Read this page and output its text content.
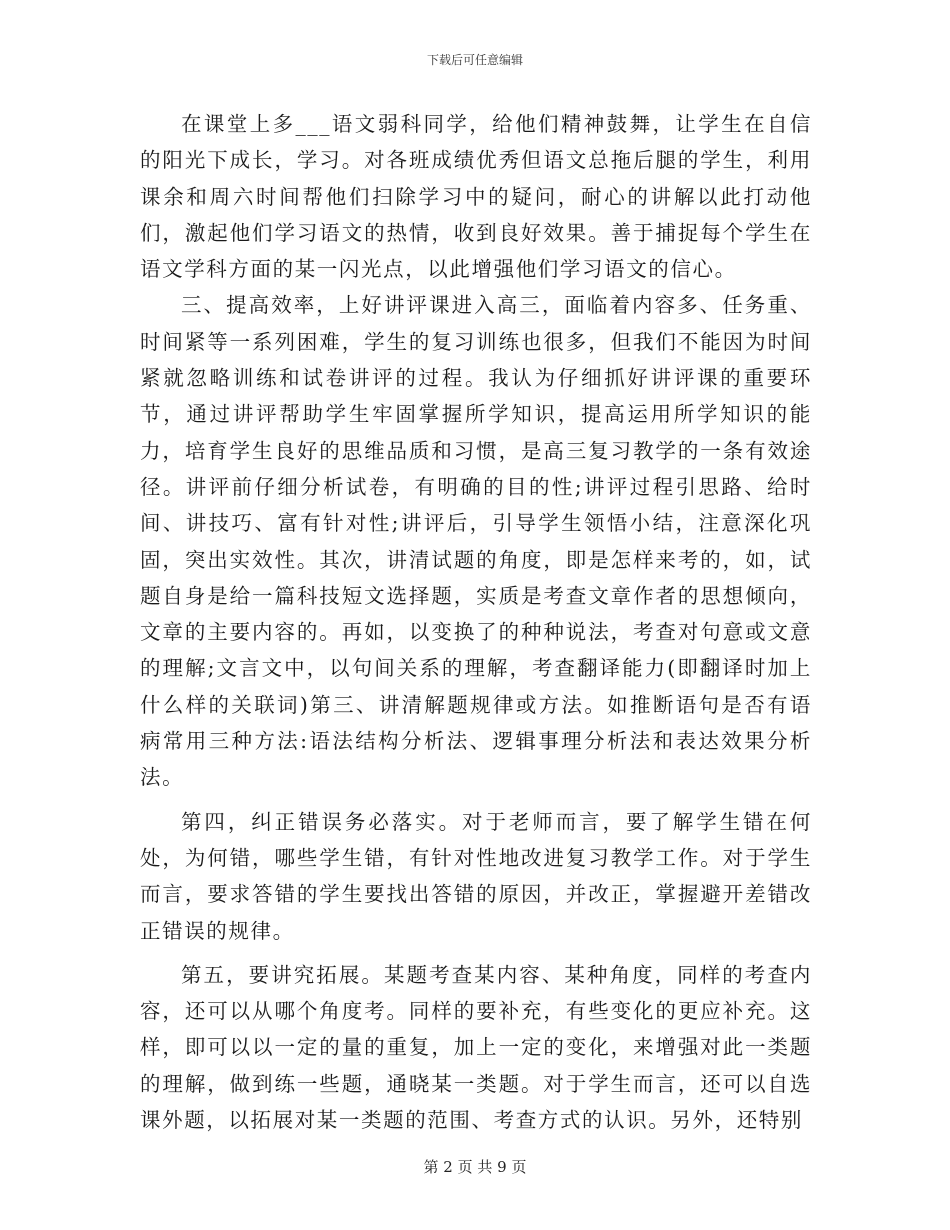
下载后可任意编辑

在课堂上多___语文弱科同学，给他们精神鼓舞，让学生在自信的阳光下成长，学习。对各班成绩优秀但语文总拖后腿的学生，利用课余和周六时间帮他们扫除学习中的疑问，耐心的讲解以此打动他们，激起他们学习语文的热情，收到良好效果。善于捕捉每个学生在语文学科方面的某一闪光点，以此增强他们学习语文的信心。

三、提高效率，上好讲评课进入高三，面临着内容多、任务重、时间紧等一系列困难，学生的复习训练也很多，但我们不能因为时间紧就忽略训练和试卷讲评的过程。我认为仔细抓好讲评课的重要环节，通过讲评帮助学生牢固掌握所学知识，提高运用所学知识的能力，培育学生良好的思维品质和习惯，是高三复习教学的一条有效途径。讲评前仔细分析试卷，有明确的目的性;讲评过程引思路、给时间、讲技巧、富有针对性;讲评后，引导学生领悟小结，注意深化巩固，突出实效性。其次，讲清试题的角度，即是怎样来考的，如，试题自身是给一篇科技短文选择题，实质是考查文章作者的思想倾向，文章的主要内容的。再如，以变换了的种种说法，考查对句意或文意的理解;文言文中，以句间关系的理解，考查翻译能力(即翻译时加上什么样的关联词)第三、讲清解题规律或方法。如推断语句是否有语病常用三种方法:语法结构分析法、逻辑事理分析法和表达效果分析法。

第四，纠正错误务必落实。对于老师而言，要了解学生错在何处，为何错，哪些学生错，有针对性地改进复习教学工作。对于学生而言，要求答错的学生要找出答错的原因，并改正，掌握避开差错改正错误的规律。

第五，要讲究拓展。某题考查某内容、某种角度，同样的考查内容，还可以从哪个角度考。同样的要补充，有些变化的更应补充。这样，即可以以一定的量的重复，加上一定的变化，来增强对此一类题的理解，做到练一些题，通晓某一类题。对于学生而言，还可以自选课外题，以拓展对某一类题的范围、考查方式的认识。另外，还特别

第 2 页 共 9 页
